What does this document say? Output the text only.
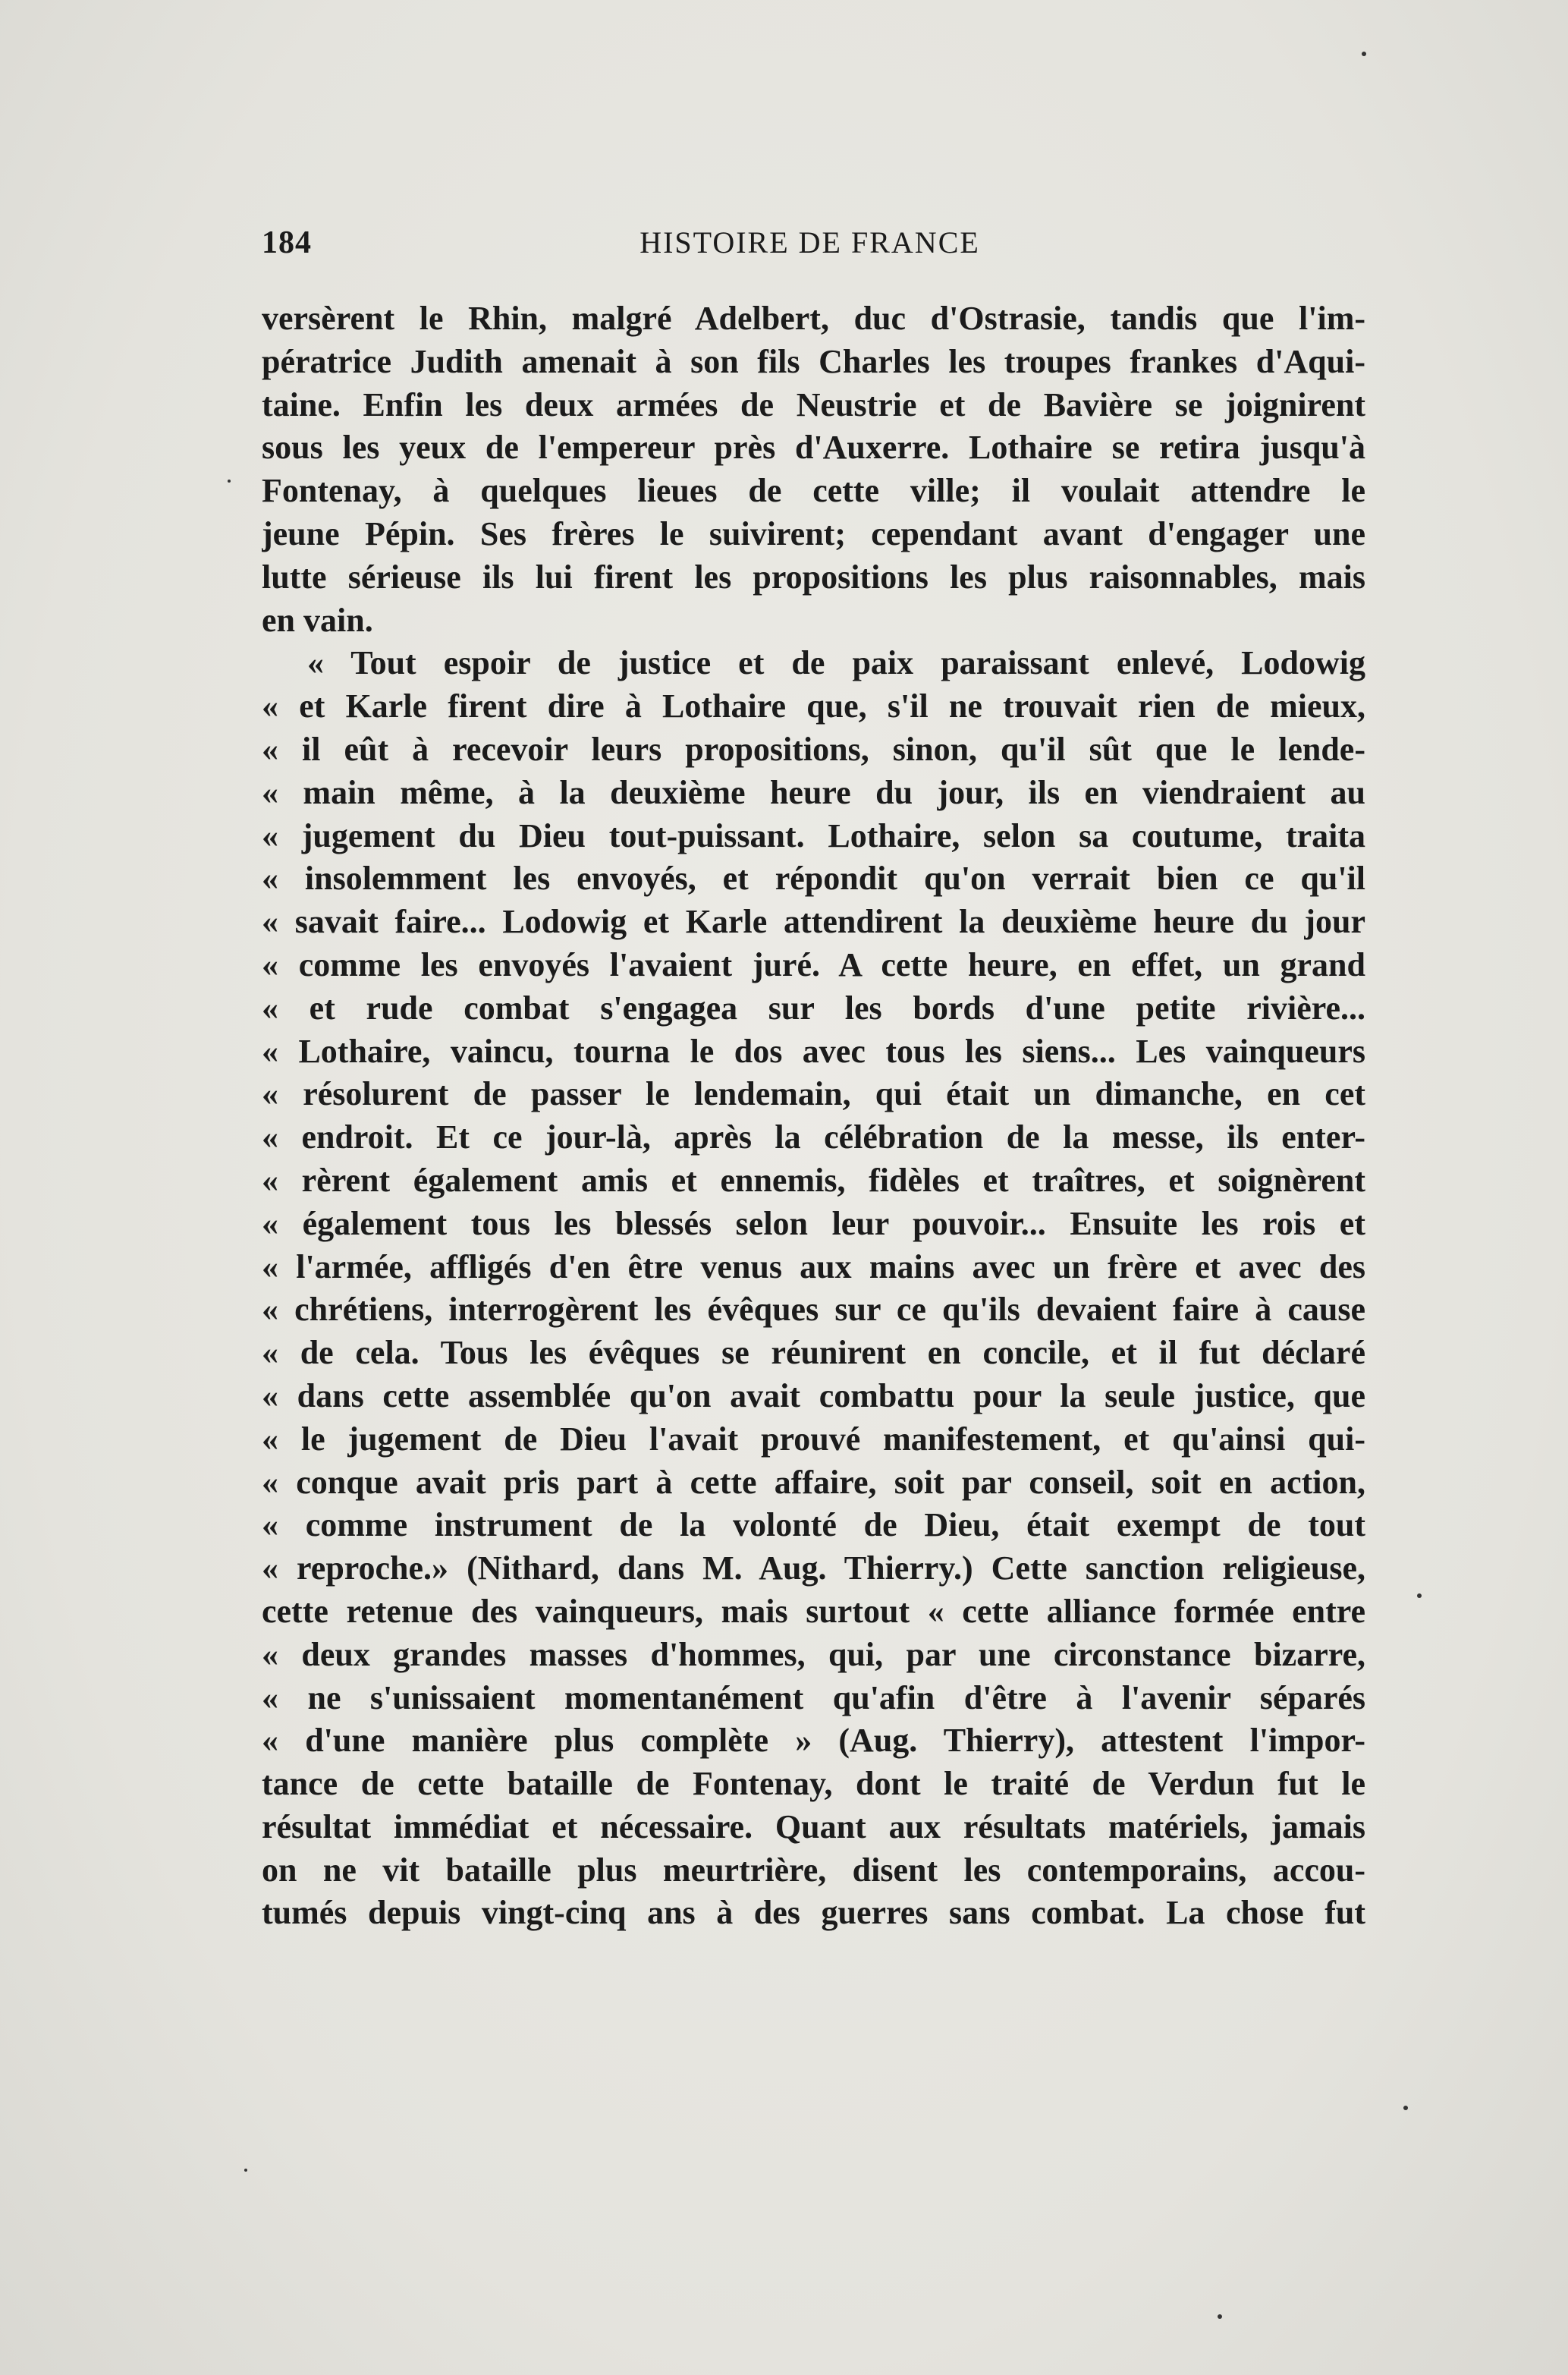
184	HISTOIRE DE FRANCE
versèrent le Rhin, malgré Adelbert, duc d'Ostrasie, tandis que l'im-
pératrice Judith amenait à son fils Charles les troupes frankes d'Aqui-
taine. Enfin les deux armées de Neustrie et de Bavière se joignirent
sous les yeux de l'empereur près d'Auxerre. Lothaire se retira jusqu'à
Fontenay, à quelques lieues de cette ville; il voulait attendre le
jeune Pépin. Ses frères le suivirent; cependant avant d'engager une
lutte sérieuse ils lui firent les propositions les plus raisonnables, mais
en vain.
« Tout espoir de justice et de paix paraissant enlevé, Lodowig
« et Karle firent dire à Lothaire que, s'il ne trouvait rien de mieux,
« il eût à recevoir leurs propositions, sinon, qu'il sût que le lende-
« main même, à la deuxième heure du jour, ils en viendraient au
« jugement du Dieu tout-puissant. Lothaire, selon sa coutume, traita
« insolemment les envoyés, et répondit qu'on verrait bien ce qu'il
« savait faire... Lodowig et Karle attendirent la deuxième heure du jour
« comme les envoyés l'avaient juré. A cette heure, en effet, un grand
« et rude combat s'engagea sur les bords d'une petite rivière...
« Lothaire, vaincu, tourna le dos avec tous les siens... Les vainqueurs
« résolurent de passer le lendemain, qui était un dimanche, en cet
« endroit. Et ce jour-là, après la célébration de la messe, ils enter-
« rèrent également amis et ennemis, fidèles et traîtres, et soignèrent
« également tous les blessés selon leur pouvoir... Ensuite les rois et
« l'armée, affligés d'en être venus aux mains avec un frère et avec des
« chrétiens, interrogèrent les évêques sur ce qu'ils devaient faire à cause
« de cela. Tous les évêques se réunirent en concile, et il fut déclaré
« dans cette assemblée qu'on avait combattu pour la seule justice, que
« le jugement de Dieu l'avait prouvé manifestement, et qu'ainsi qui-
« conque avait pris part à cette affaire, soit par conseil, soit en action,
« comme instrument de la volonté de Dieu, était exempt de tout
« reproche.» (Nithard, dans M. Aug. Thierry.) Cette sanction religieuse,
cette retenue des vainqueurs, mais surtout « cette alliance formée entre
« deux grandes masses d'hommes, qui, par une circonstance bizarre,
« ne s'unissaient momentanément qu'afin d'être à l'avenir séparés
« d'une manière plus complète » (Aug. Thierry), attestent l'impor-
tance de cette bataille de Fontenay, dont le traité de Verdun fut le
résultat immédiat et nécessaire. Quant aux résultats matériels, jamais
on ne vit bataille plus meurtrière, disent les contemporains, accou-
tumés depuis vingt-cinq ans à des guerres sans combat. La chose fut
